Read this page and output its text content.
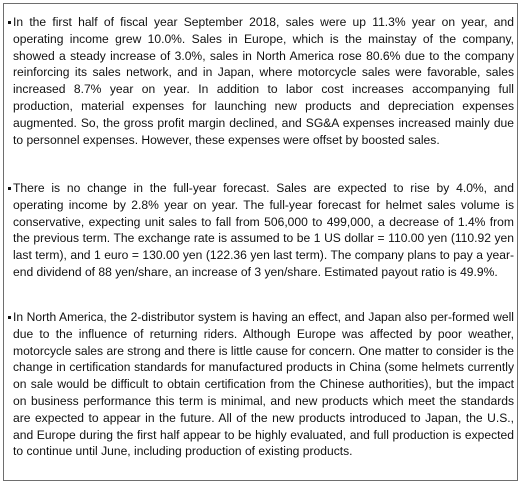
In the first half of fiscal year September 2018, sales were up 11.3% year on year, and operating income grew 10.0%. Sales in Europe, which is the mainstay of the company, showed a steady increase of 3.0%, sales in North America rose 80.6% due to the company reinforcing its sales network, and in Japan, where motorcycle sales were favorable, sales increased 8.7% year on year. In addition to labor cost increases accompanying full production, material expenses for launching new products and depreciation expenses augmented. So, the gross profit margin declined, and SG&A expenses increased mainly due to personnel expenses. However, these expenses were offset by boosted sales.
There is no change in the full-year forecast. Sales are expected to rise by 4.0%, and operating income by 2.8% year on year. The full-year forecast for helmet sales volume is conservative, expecting unit sales to fall from 506,000 to 499,000, a decrease of 1.4% from the previous term. The exchange rate is assumed to be 1 US dollar = 110.00 yen (110.92 yen last term), and 1 euro = 130.00 yen (122.36 yen last term). The company plans to pay a year-end dividend of 88 yen/share, an increase of 3 yen/share. Estimated payout ratio is 49.9%.
In North America, the 2-distributor system is having an effect, and Japan also per-formed well due to the influence of returning riders. Although Europe was affected by poor weather, motorcycle sales are strong and there is little cause for concern. One matter to consider is the change in certification standards for manufactured products in China (some helmets currently on sale would be difficult to obtain certification from the Chinese authorities), but the impact on business performance this term is minimal, and new products which meet the standards are expected to appear in the future. All of the new products introduced to Japan, the U.S., and Europe during the first half appear to be highly evaluated, and full production is expected to continue until June, including production of existing products.
